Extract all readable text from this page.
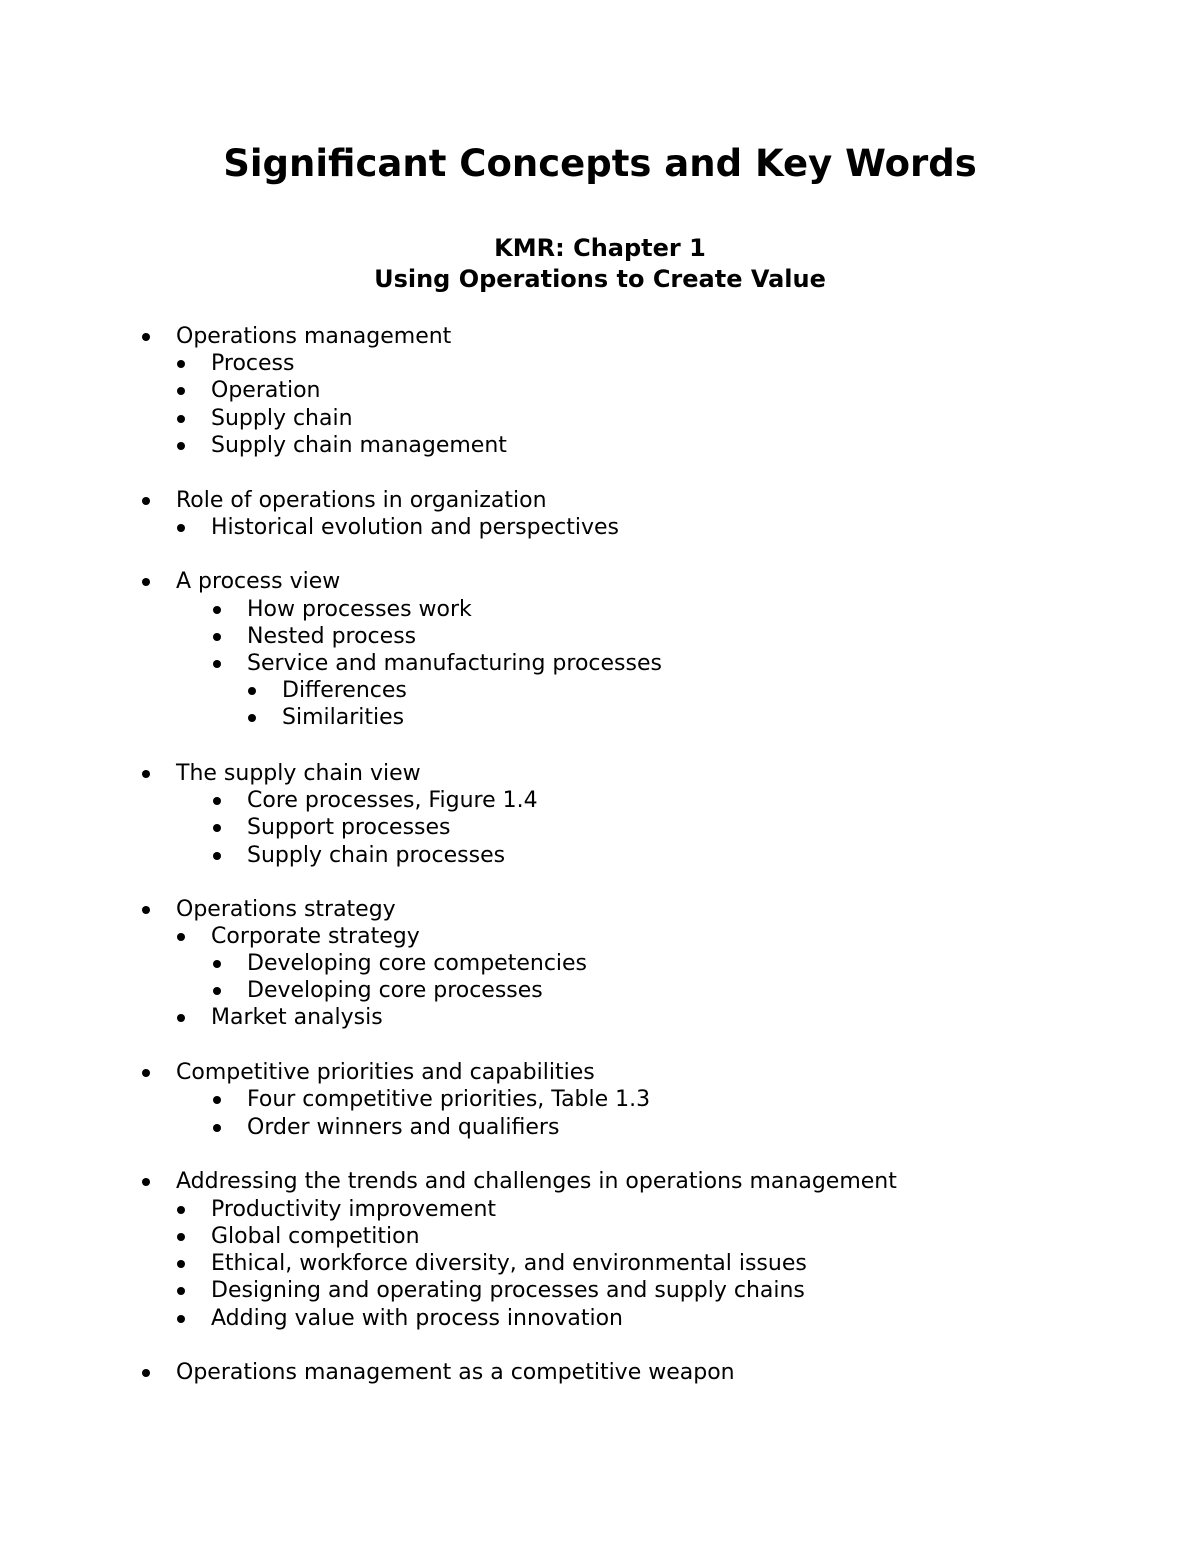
Significant Concepts and Key Words
KMR: Chapter 1
Using Operations to Create Value
Operations management
Process
Operation
Supply chain
Supply chain management
Role of operations in organization
Historical evolution and perspectives
A process view
How processes work
Nested process
Service and manufacturing processes
Differences
Similarities
The supply chain view
Core processes, Figure 1.4
Support processes
Supply chain processes
Operations strategy
Corporate strategy
Developing core competencies
Developing core processes
Market analysis
Competitive priorities and capabilities
Four competitive priorities, Table 1.3
Order winners and qualifiers
Addressing the trends and challenges in operations management
Productivity improvement
Global competition
Ethical, workforce diversity, and environmental issues
Designing and operating processes and supply chains
Adding value with process innovation
Operations management as a competitive weapon
